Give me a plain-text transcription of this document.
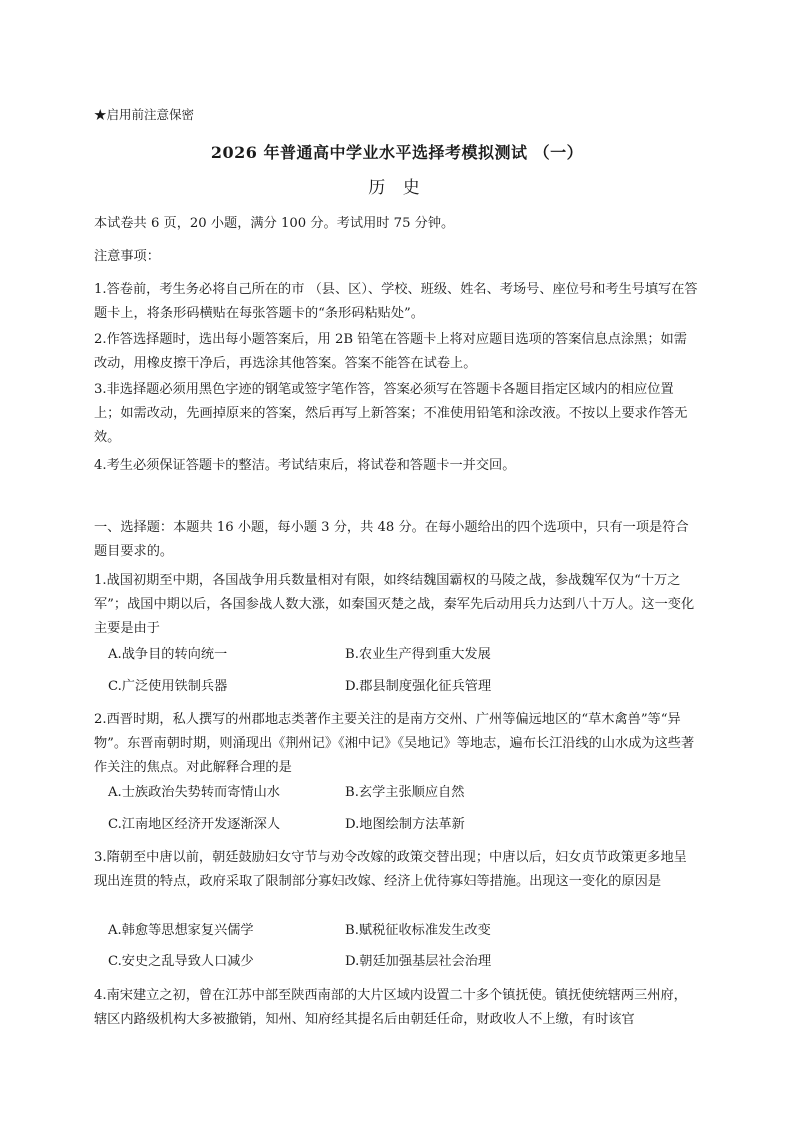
★启用前注意保密
2026 年普通高中学业水平选择考模拟测试 （一）
历 史
本试卷共 6 页，20 小题，满分 100 分。考试用时 75 分钟。
注意事项：
1.答卷前，考生务必将自己所在的市 （县、区）、学校、班级、姓名、考场号、座位号和考生号填写在答题卡上，将条形码横贴在每张答题卡的“条形码粘贴处”。
2.作答选择题时，选出每小题答案后，用 2B 铅笔在答题卡上将对应题目选项的答案信息点涂黑；如需改动，用橡皮擦干净后，再选涂其他答案。答案不能答在试卷上。
3.非选择题必须用黑色字迹的钢笔或签字笔作答，答案必须写在答题卡各题目指定区域内的相应位置上；如需改动，先画掉原来的答案，然后再写上新答案；不准使用铅笔和涂改液。不按以上要求作答无效。
4.考生必须保证答题卡的整洁。考试结束后，将试卷和答题卡一并交回。
一、选择题：本题共 16 小题，每小题 3 分，共 48 分。在每小题给出的四个选项中，只有一项是符合题目要求的。
1.战国初期至中期，各国战争用兵数量相对有限，如终结魏国霸权的马陵之战，参战魏军仅为“十万之军”；战国中期以后，各国参战人数大涨，如秦国灭楚之战，秦军先后动用兵力达到八十万人。这一变化主要是由于
A.战争目的转向统一	B.农业生产得到重大发展
C.广泛使用铁制兵器	D.郡县制度强化征兵管理
2.西晋时期，私人撰写的州郡地志类著作主要关注的是南方交州、广州等偏远地区的“草木禽兽”等“异物”。东晋南朝时期，则涌现出《荆州记》《湘中记》《吴地记》等地志，遍布长江沿线的山水成为这些著作关注的焦点。对此解释合理的是
A.士族政治失势转而寄情山水	B.玄学主张顺应自然
C.江南地区经济开发逐渐深人	D.地图绘制方法革新
3.隋朝至中唐以前，朝廷鼓励妇女守节与劝令改嫁的政策交替出现；中唐以后，妇女贞节政策更多地呈现出连贯的特点，政府采取了限制部分寡妇改嫁、经济上优待寡妇等措施。出现这一变化的原因是
A.韩愈等思想家复兴儒学	B.赋税征收标准发生改变
C.安史之乱导致人口减少	D.朝廷加强基层社会治理
4.南宋建立之初，曾在江苏中部至陕西南部的大片区域内设置二十多个镇抚使。镇抚使统辖两三州府，辖区内路级机构大多被撤销，知州、知府经其提名后由朝廷任命，财政收人不上缴，有时该官
